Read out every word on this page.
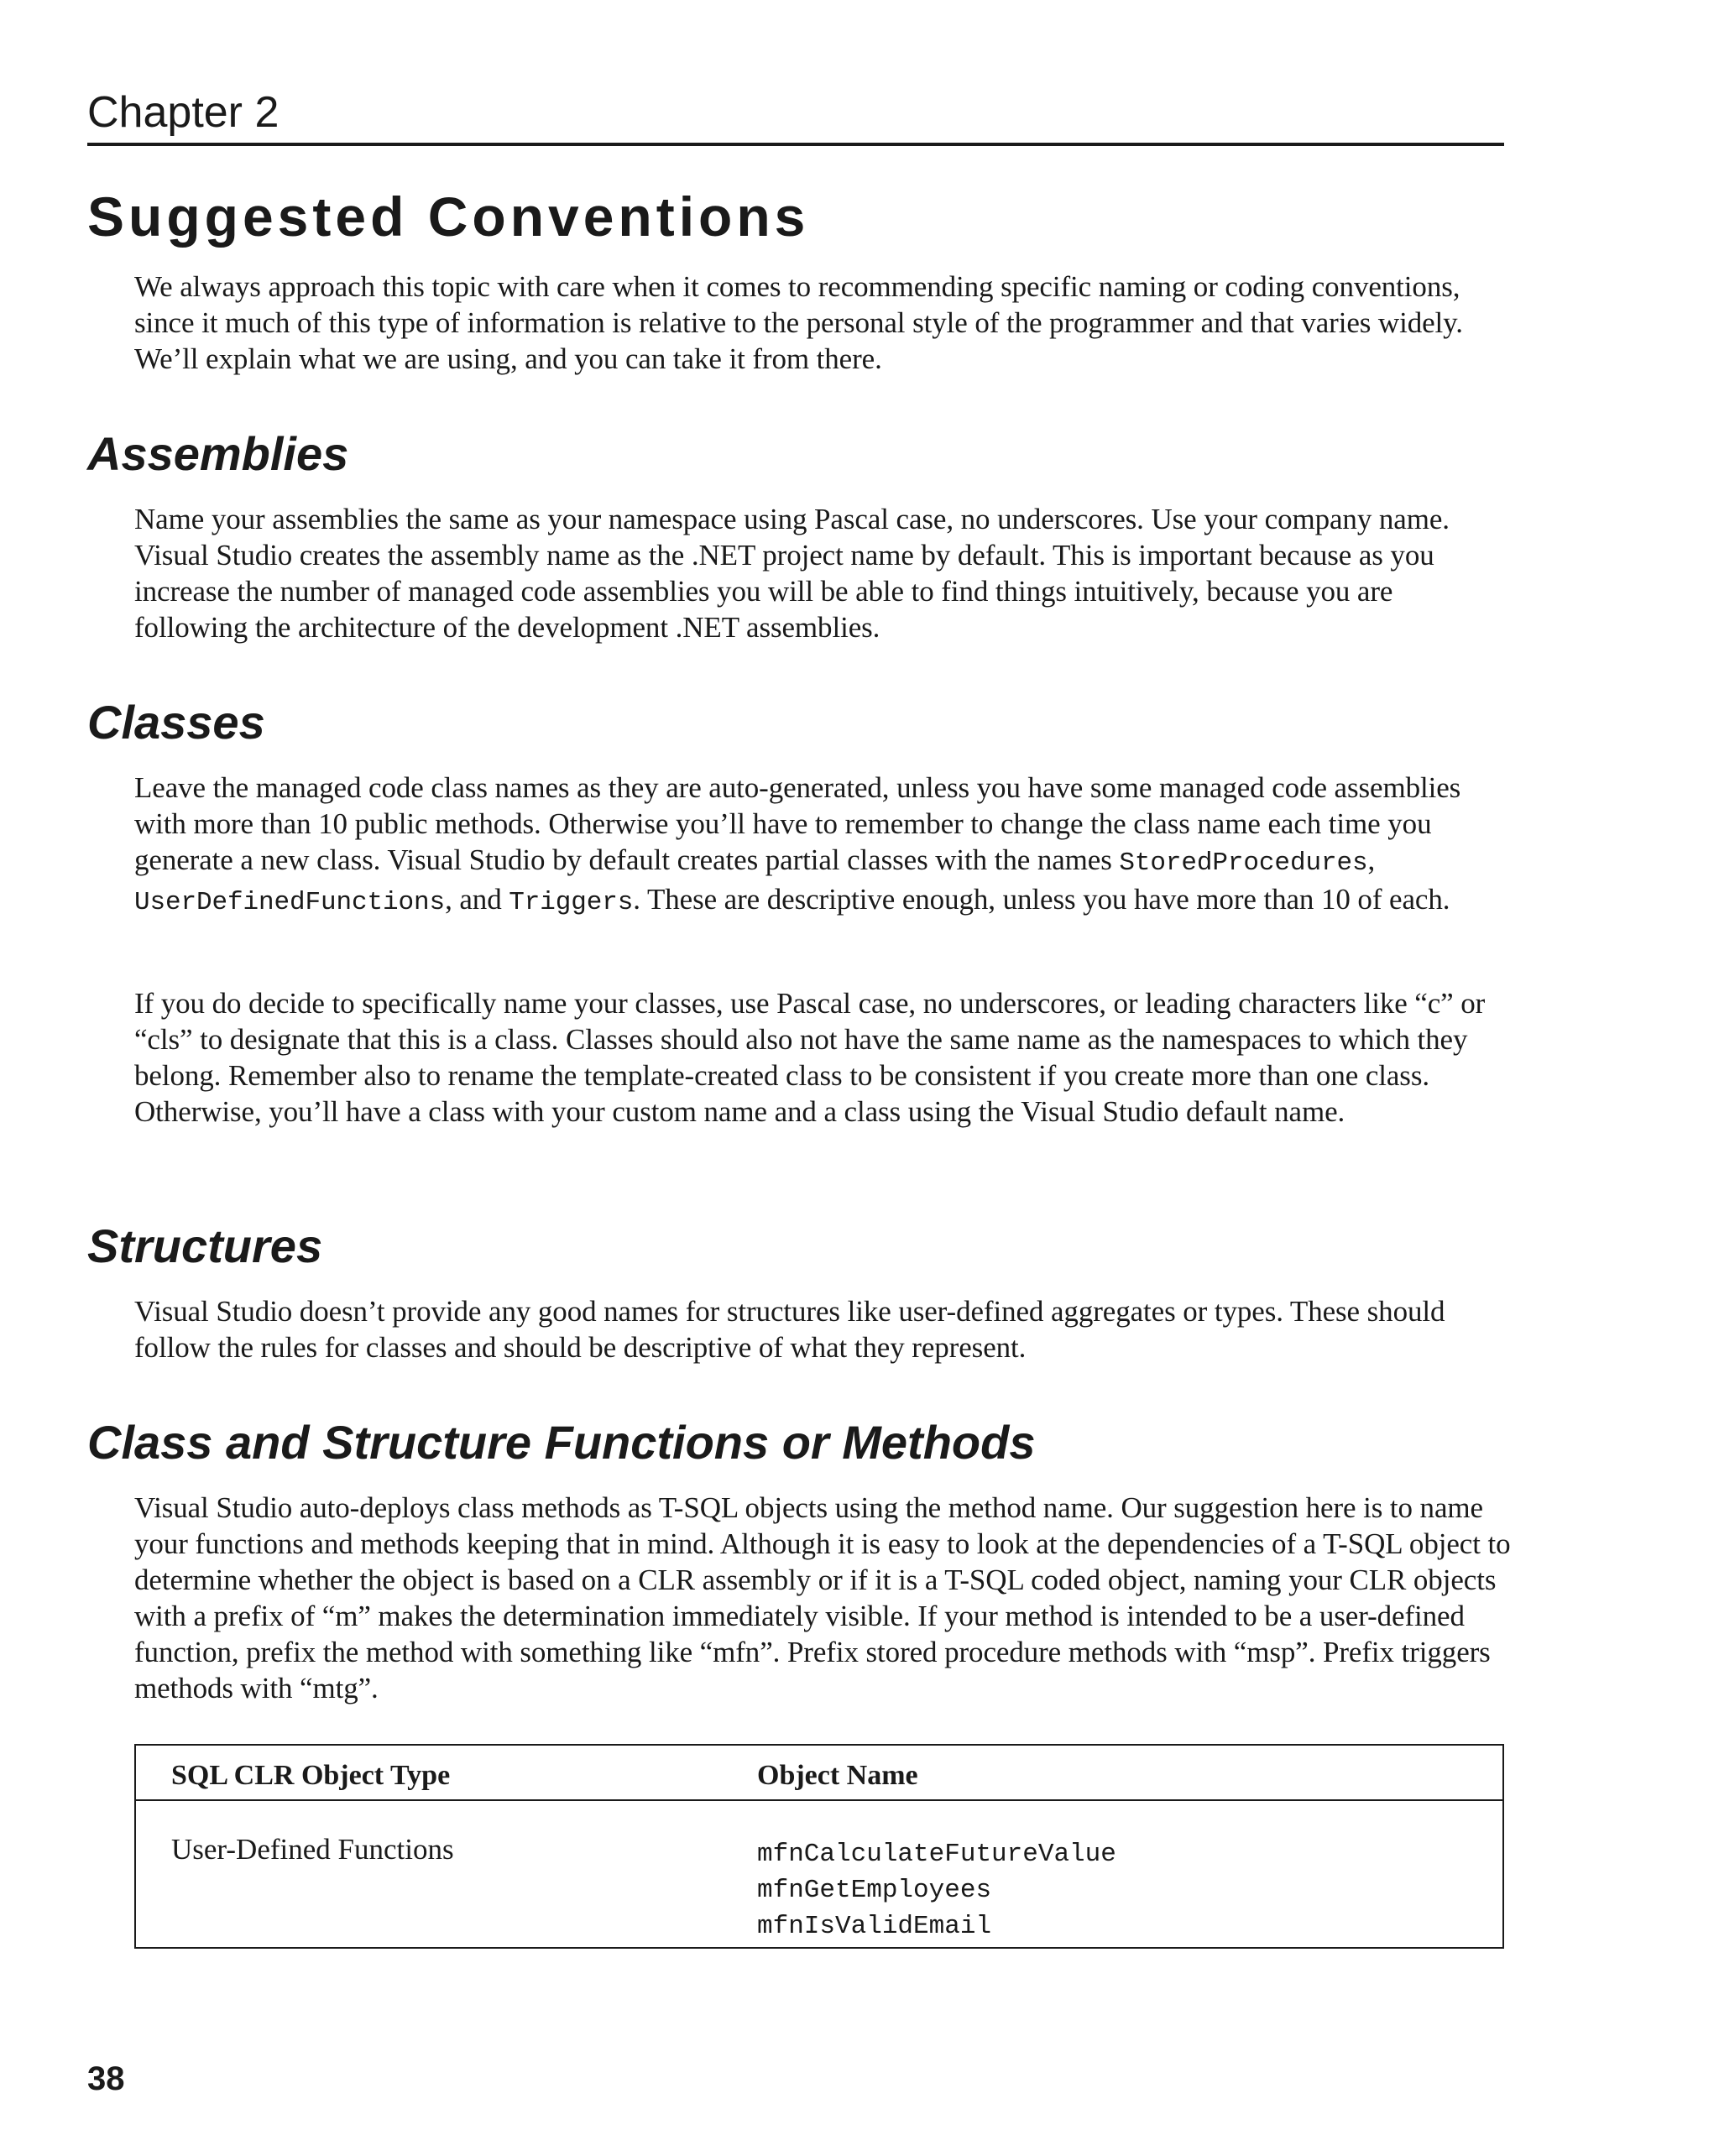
Chapter 2
Suggested Conventions

We always approach this topic with care when it comes to recommending specific naming or coding conventions, since it much of this type of information is relative to the personal style of the programmer and that varies widely. We’ll explain what we are using, and you can take it from there.

Assemblies

Name your assemblies the same as your namespace using Pascal case, no underscores. Use your company name. Visual Studio creates the assembly name as the .NET project name by default. This is important because as you increase the number of managed code assemblies you will be able to find things intuitively, because you are following the architecture of the development .NET assemblies.

Classes

Leave the managed code class names as they are auto-generated, unless you have some managed code assemblies with more than 10 public methods. Otherwise you’ll have to remember to change the class name each time you generate a new class. Visual Studio by default creates partial classes with the names StoredProcedures, UserDefinedFunctions, and Triggers. These are descriptive enough, unless you have more than 10 of each.

If you do decide to specifically name your classes, use Pascal case, no underscores, or leading characters like “c” or “cls” to designate that this is a class. Classes should also not have the same name as the namespaces to which they belong. Remember also to rename the template-created class to be consistent if you create more than one class. Otherwise, you’ll have a class with your custom name and a class using the Visual Studio default name.

Structures

Visual Studio doesn’t provide any good names for structures like user-defined aggregates or types. These should follow the rules for classes and should be descriptive of what they represent.

Class and Structure Functions or Methods

Visual Studio auto-deploys class methods as T-SQL objects using the method name. Our suggestion here is to name your functions and methods keeping that in mind. Although it is easy to look at the dependencies of a T-SQL object to determine whether the object is based on a CLR assembly or if it is a T-SQL coded object, naming your CLR objects with a prefix of “m” makes the determination immediately visible. If your method is intended to be a user-defined function, prefix the method with something like “mfn”. Prefix stored procedure methods with “msp”. Prefix triggers methods with “mtg”.

SQL CLR Object Type	Object Name
User-Defined Functions	mfnCalculateFutureValue
mfnGetEmployees
mfnIsValidEmail
38
